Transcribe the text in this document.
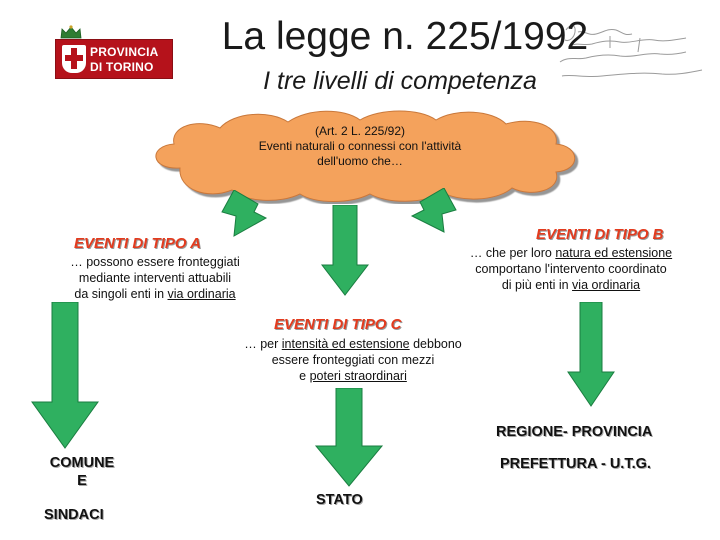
PROVINCIA
DI TORINO
La legge n. 225/1992
I tre livelli di competenza
(Art. 2 L. 225/92)
Eventi naturali o connessi con l'attività
dell'uomo che…
EVENTI DI TIPO A
… possono essere fronteggiati
mediante interventi attuabili
da singoli enti in via ordinaria
EVENTI DI TIPO B
… che per loro natura ed estensione
comportano l'intervento coordinato
di più enti in via ordinaria
EVENTI DI TIPO C
… per intensità ed estensione debbono
essere fronteggiati con mezzi
e poteri straordinari
COMUNE
E
SINDACI
STATO
REGIONE- PROVINCIA
PREFETTURA - U.T.G.
